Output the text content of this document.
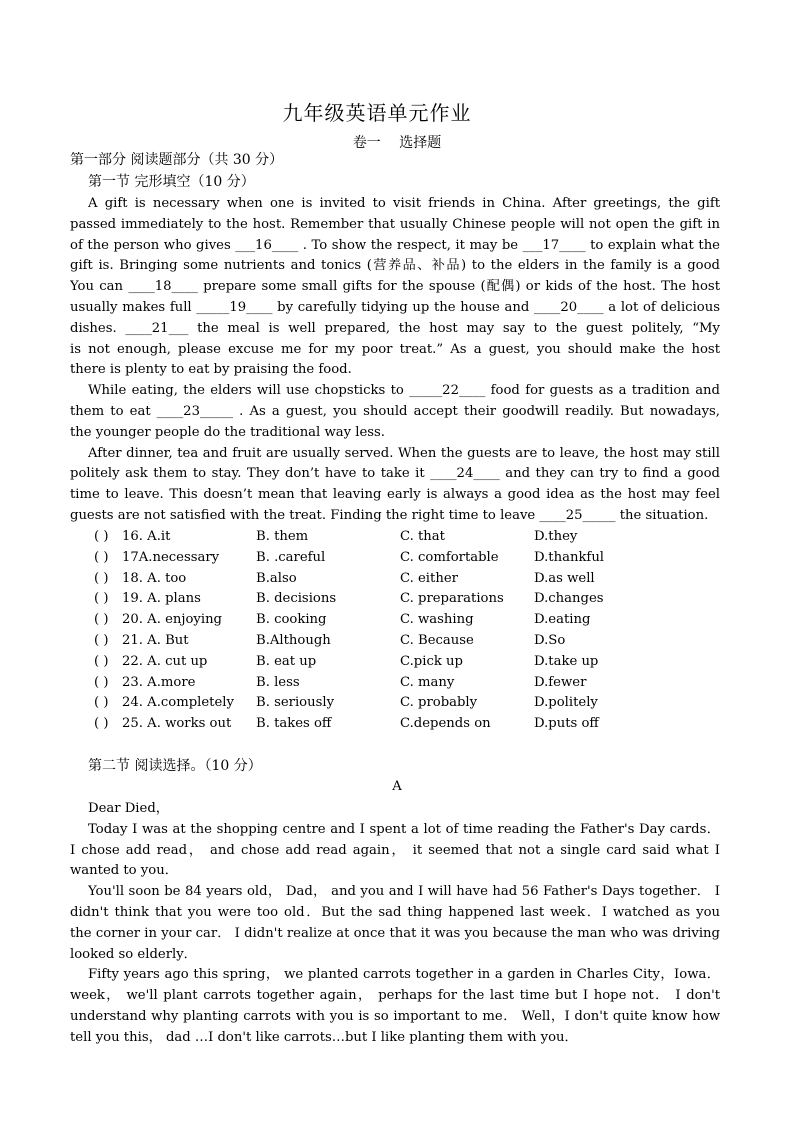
九年级英语单元作业
卷一 选择题
第一部分 阅读题部分（共 30 分）
第一节 完形填空（10 分）
A gift is necessary when one is invited to visit friends in China. After greetings, the gift
passed immediately to the host. Remember that usually Chinese people will not open the gift in
of the person who gives ___16____ . To show the respect, it may be ___17____ to explain what the
gift is. Bringing some nutrients and tonics (营养品、补品) to the elders in the family is a good
You can ____18____ prepare some small gifts for the spouse (配偶) or kids of the host. The host
usually makes full _____19____ by carefully tidying up the house and ____20____ a lot of delicious
dishes. ____21___ the meal is well prepared, the host may say to the guest politely, “My
is not enough, please excuse me for my poor treat.” As a guest, you should make the host
there is plenty to eat by praising the food.
While eating, the elders will use chopsticks to _____22____ food for guests as a tradition and
them to eat ____23_____ . As a guest, you should accept their goodwill readily. But nowadays,
the younger people do the traditional way less.
After dinner, tea and fruit are usually served. When the guests are to leave, the host may still
politely ask them to stay. They don’t have to take it ____24____ and they can try to find a good
time to leave. This doesn’t mean that leaving early is always a good idea as the host may feel
guests are not satisfied with the treat. Finding the right time to leave ____25_____ the situation.
( ) 16. A.it	B. them	C. that	D.they
( ) 17A.necessary	B. .careful	C. comfortable	D.thankful
( ) 18. A. too	B.also	C. either	D.as well
( ) 19. A. plans	B. decisions	C. preparations D.changes
( ) 20. A. enjoying	B. cooking	C. washing	D.eating
( ) 21. A. But	B.Although	C. Because	D.So
( ) 22. A. cut up	B. eat up	C.pick up	D.take up
( ) 23. A.more	B. less	C. many	D.fewer
( ) 24. A.completely B. seriously	C. probably	D.politely
( ) 25. A. works out B. takes off	C.depends on	D.puts off
第二节 阅读选择。（10 分）
A
Dear Died，
Today I was at the shopping centre and I spent a lot of time reading the Father's Day cards．
I chose add read， and chose add read again， it seemed that not a single card said what I
wanted to you．
You'll soon be 84 years old， Dad， and you and I will have had 56 Father's Days together． I
didn't think that you were too old．But the sad thing happened last week．I watched as you
the corner in your car． I didn't realize at once that it was you because the man who was driving
looked so elderly．
Fifty years ago this spring， we planted carrots together in a garden in Charles City，Iowa．
week， we'll plant carrots together again， perhaps for the last time but I hope not． I don't
understand why planting carrots with you is so important to me． Well，I don't quite know how
tell you this， dad …I don't like carrots…but I like planting them with you．
